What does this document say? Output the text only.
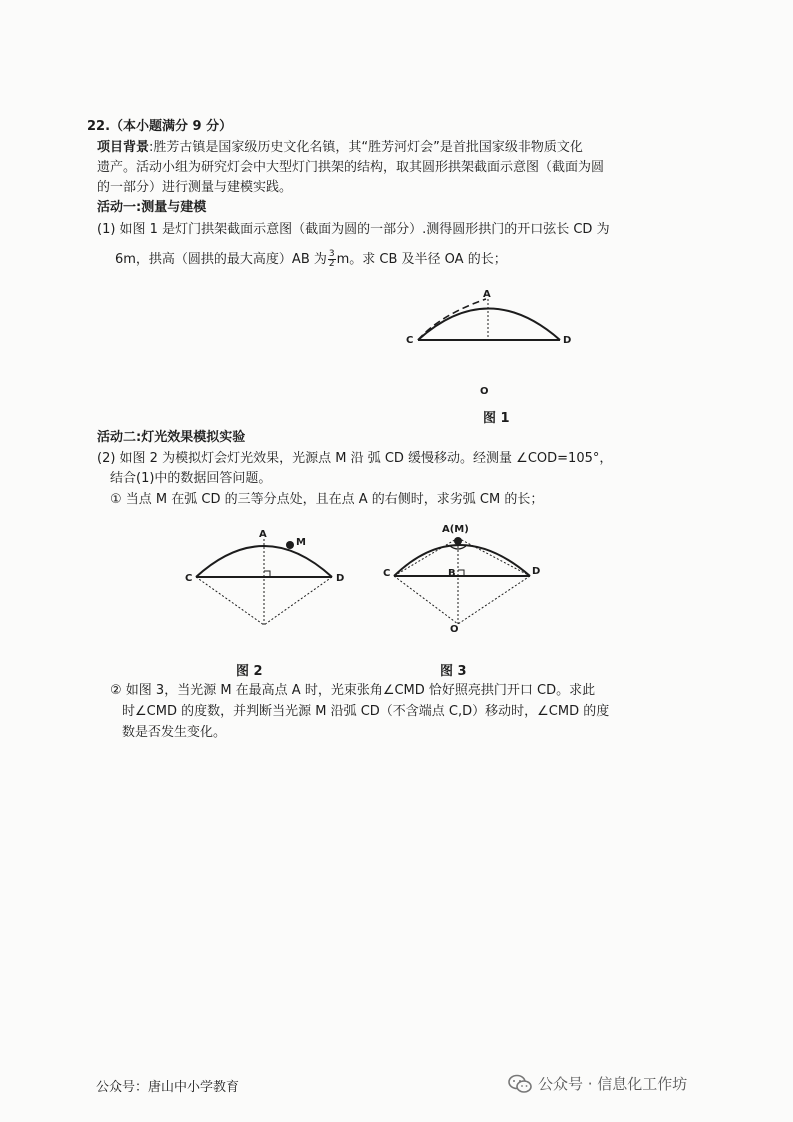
22.（本小题满分 9 分）
项目背景:胜芳古镇是国家级历史文化名镇，其“胜芳河灯会”是首批国家级非物质文化
遗产。活动小组为研究灯会中大型灯门拱架的结构，取其圆形拱架截面示意图（截面为圆
的一部分）进行测量与建模实践。
活动一:测量与建模
(1) 如图 1 是灯门拱架截面示意图（截面为圆的一部分）.测得圆形拱门的开口弦长 CD 为
6m，拱高（圆拱的最大高度）AB 为 $\frac{3}{2}$ m。求 CB 及半径 OA 的长；
A
C	D
O
图 1
活动二:灯光效果模拟实验
(2) 如图 2 为模拟灯会灯光效果，光源点 M 沿 弧 CD 缓慢移动。经测量 ∠COD=105°，
结合(1)中的数据回答问题。
① 当点 M 在弧 CD 的三等分点处，且在点 A 的右侧时，求劣弧 CM 的长；
A
M
C	D
图 2
A(M)
B
C	D
O
图 3
② 如图 3，当光源 M 在最高点 A 时，光束张角∠CMD 恰好照亮拱门开口 CD。求此
时∠CMD 的度数，并判断当光源 M 沿弧 CD（不含端点 C,D）移动时，∠CMD 的度
数是否发生变化。
公众号：唐山中小学教育	公众号 · 信息化工作坊
